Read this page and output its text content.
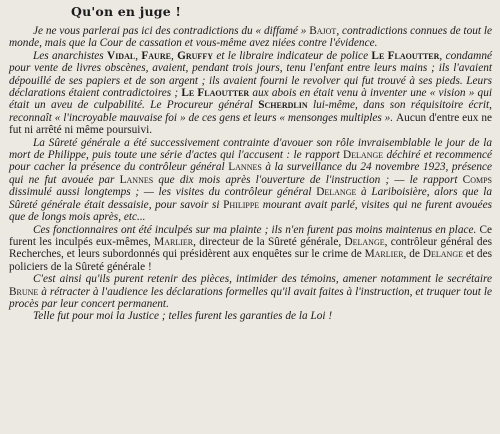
Qu'on en juge !

Je ne vous parlerai pas ici des contradictions du « diffamé » Bajot, contradictions connues de tout le monde, mais que la Cour de cassation et vous-même avez niées contre l'évidence.

Les anarchistes Vidal, Faure, Gruffy et le libraire indicateur de police Le Flaoutter, condamné pour vente de livres obscènes, avaient, pendant trois jours, tenu l'enfant entre leurs mains ; ils l'avaient dépouillé de ses papiers et de son argent ; ils avaient fourni le revolver qui fut trouvé à ses pieds. Leurs déclarations étaient contradictoires ; Le Flaoutter aux abois en était venu à inventer une « vision » qui était un aveu de culpabilité. Le Procureur général Scherdlin lui-même, dans son réquisitoire écrit, reconnaît « l'incroyable mauvaise foi » de ces gens et leurs « mensonges multiples ». Aucun d'entre eux ne fut ni arrêté ni même poursuivi.

La Sûreté générale a été successivement contrainte d'avouer son rôle invraisemblable le jour de la mort de Philippe, puis toute une série d'actes qui l'accusent : le rapport Delange déchiré et recommencé pour cacher la présence du contrôleur général Lannes à la surveillance du 24 novembre 1923, présence qui ne fut avouée par Lannes que dix mois après l'ouverture de l'instruction ; — le rapport Comps dissimulé aussi longtemps ; — les visites du contrôleur général Delange à Lariboisière, alors que la Sûreté générale était dessaisie, pour savoir si Philippe mourant avait parlé, visites qui ne furent avouées que de longs mois après, etc...

Ces fonctionnaires ont été inculpés sur ma plainte ; ils n'en furent pas moins maintenus en place. Ce furent les inculpés eux-mêmes, Marlier, directeur de la Sûreté générale, Delange, contrôleur général des Recherches, et leurs subordonnés qui présidèrent aux enquêtes sur le crime de Marlier, de Delange et des policiers de la Sûreté générale !

C'est ainsi qu'ils purent retenir des pièces, intimider des témoins, amener notamment le secrétaire Brune à rétracter à l'audience les déclarations formelles qu'il avait faites à l'instruction, et truquer tout le procès par leur concert permanent.

Telle fut pour moi la Justice ; telles furent les garanties de la Loi !
